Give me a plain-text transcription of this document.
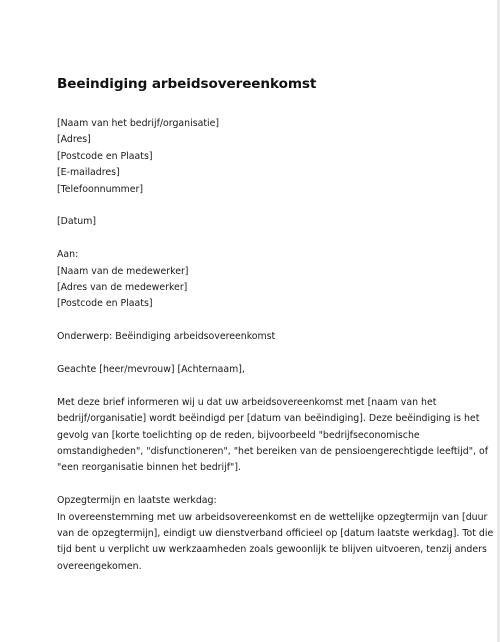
Beeindiging arbeidsovereenkomst

[Naam van het bedrijf/organisatie]

[Adres]

[Postcode en Plaats]

[E-mailadres]

[Telefoonnummer]

[Datum]

Aan:

[Naam van de medewerker]

[Adres van de medewerker]

[Postcode en Plaats]

Onderwerp: Beëindiging arbeidsovereenkomst

Geachte [heer/mevrouw] [Achternaam],

Met deze brief informeren wij u dat uw arbeidsovereenkomst met [naam van het

bedrijf/organisatie] wordt beëindigd per [datum van beëindiging]. Deze beëindiging is het

gevolg van [korte toelichting op de reden, bijvoorbeeld "bedrijfseconomische

omstandigheden", "disfunctioneren", "het bereiken van de pensioengerechtigde leeftijd", of

"een reorganisatie binnen het bedrijf"].

Opzegtermijn en laatste werkdag:

In overeenstemming met uw arbeidsovereenkomst en de wettelijke opzegtermijn van [duur

van de opzegtermijn], eindigt uw dienstverband officieel op [datum laatste werkdag]. Tot die

tijd bent u verplicht uw werkzaamheden zoals gewoonlijk te blijven uitvoeren, tenzij anders

overeengekomen.
